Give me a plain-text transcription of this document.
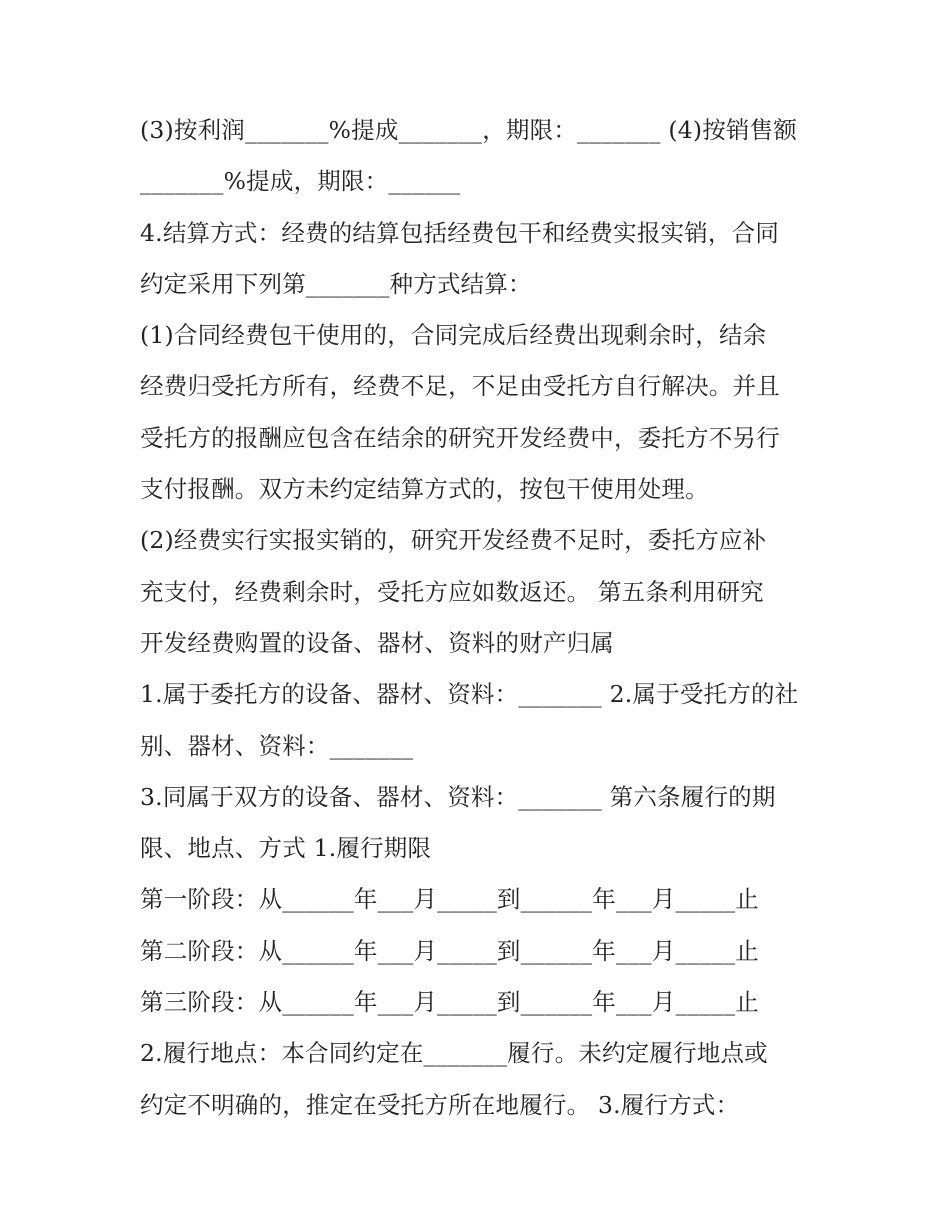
(3)按利润_______%提成_______，期限：_______ (4)按销售额
_______%提成，期限：______
4.结算方式：经费的结算包括经费包干和经费实报实销，合同
约定采用下列第_______种方式结算：
(1)合同经费包干使用的，合同完成后经费出现剩余时，结余
经费归受托方所有，经费不足，不足由受托方自行解决。并且
受托方的报酬应包含在结余的研究开发经费中，委托方不另行
支付报酬。双方未约定结算方式的，按包干使用处理。
(2)经费实行实报实销的，研究开发经费不足时，委托方应补
充支付，经费剩余时，受托方应如数返还。 第五条利用研究
开发经费购置的设备、器材、资料的财产归属
1.属于委托方的设备、器材、资料：_______ 2.属于受托方的社
别、器材、资料：_______
3.同属于双方的设备、器材、资料：_______ 第六条履行的期
限、地点、方式 1.履行期限
第一阶段：从______年___月_____到______年___月_____止
第二阶段：从______年___月_____到______年___月_____止
第三阶段：从______年___月_____到______年___月_____止
2.履行地点：本合同约定在_______履行。未约定履行地点或
约定不明确的，推定在受托方所在地履行。 3.履行方式：
